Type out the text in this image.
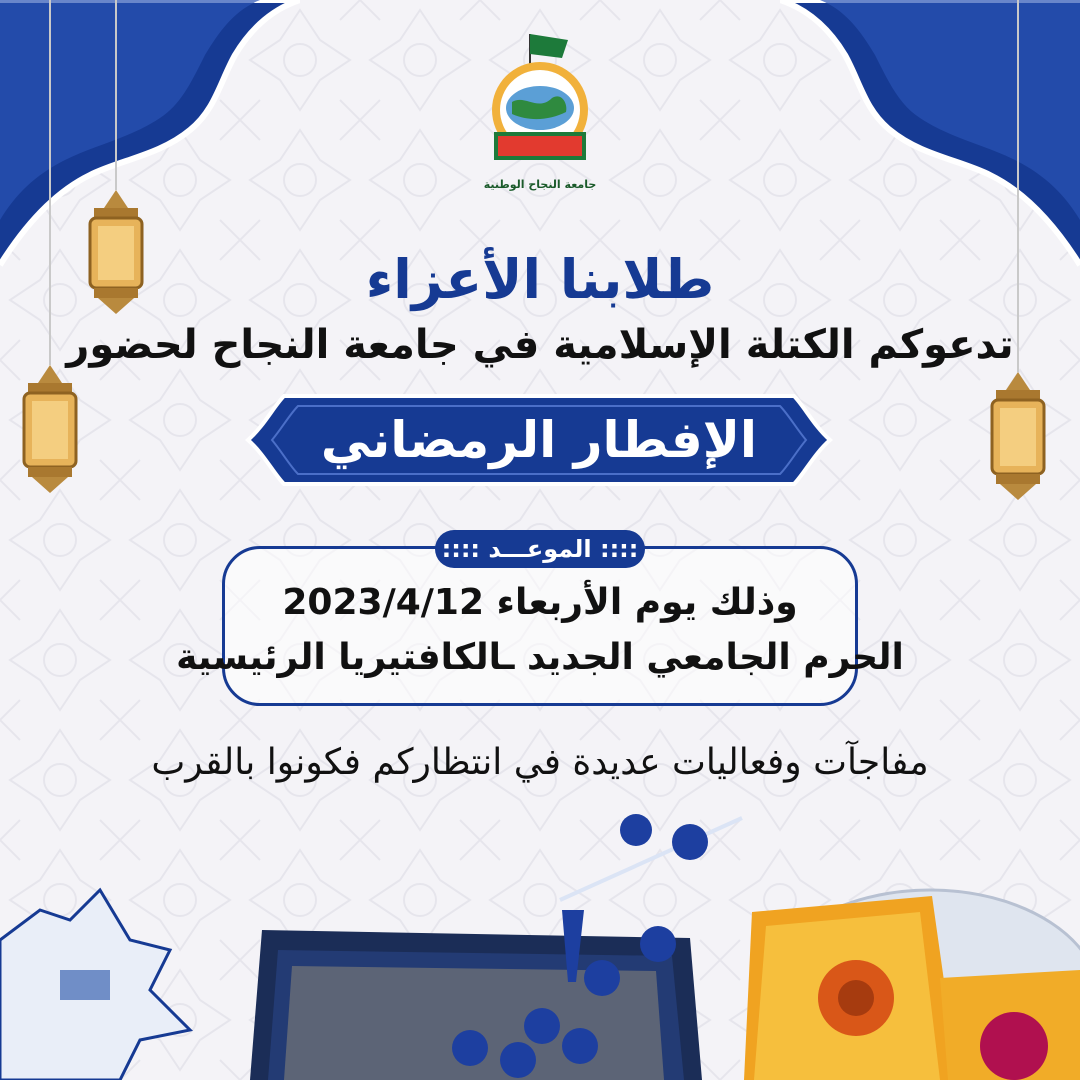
جامعة النجاح الوطنية
طلابنا الأعزاء
تدعوكم الكتلة الإسلامية في جامعة النجاح لحضور
الإفطار الرمضاني
:::: الموعـــد ::::
وذلك يوم الأربعاء 2023/4/12
الحرم الجامعي الجديد ـالكافتيريا الرئيسية
مفاجآت وفعاليات عديدة في انتظاركم فكونوا بالقرب
